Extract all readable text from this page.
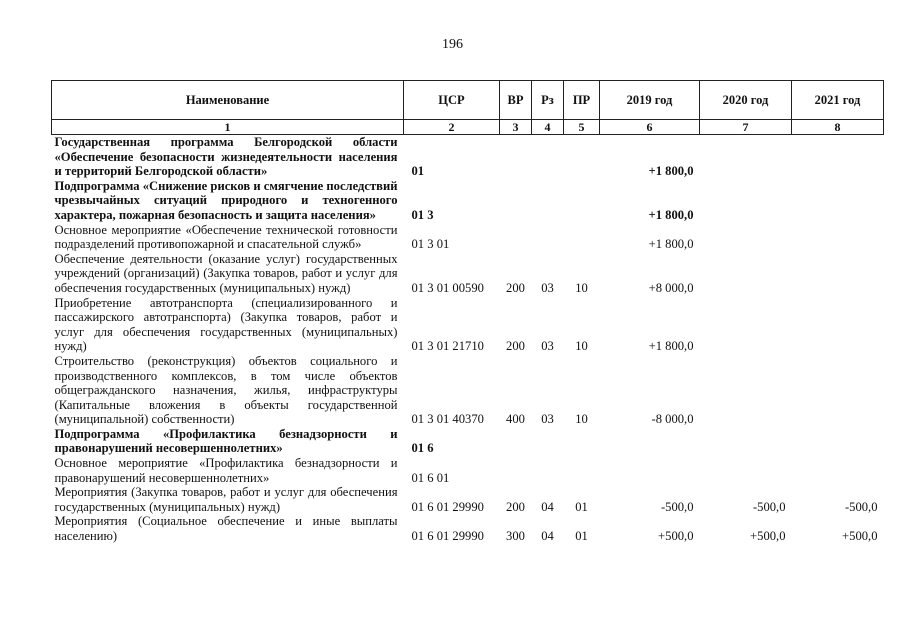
196
Наименование	ЦСР	ВР	Рз	ПР	2019 год	2020 год	2021 год
1	2	3	4	5	6	7	8
Государственная программа Белгородской области «Обеспечение безопасности жизнедеятельности населения и территорий Белгородской области»	01				+1 800,0		
Подпрограмма «Снижение рисков и смягчение последствий чрезвычайных ситуаций природного и техногенного характера, пожарная безопасность и защита населения»	01 3				+1 800,0		
Основное мероприятие «Обеспечение технической готовности подразделений противопожарной и спасательной служб»	01 3 01				+1 800,0		
Обеспечение деятельности (оказание услуг) государственных учреждений (организаций) (Закупка товаров, работ и услуг для обеспечения государственных (муниципальных) нужд)	01 3 01 00590	200	03	10	+8 000,0		
Приобретение автотранспорта (специализированного и пассажирского автотранспорта) (Закупка товаров, работ и услуг для обеспечения государственных (муниципальных) нужд)	01 3 01 21710	200	03	10	+1 800,0		
Строительство (реконструкция) объектов социального и производственного комплексов, в том числе объектов общегражданского назначения, жилья, инфраструктуры (Капитальные вложения в объекты государственной (муниципальной) собственности)	01 3 01 40370	400	03	10	-8 000,0		
Подпрограмма «Профилактика безнадзорности и правонарушений несовершеннолетних»	01 6						
Основное мероприятие «Профилактика безнадзорности и правонарушений несовершеннолетних»	01 6 01						
Мероприятия (Закупка товаров, работ и услуг для обеспечения государственных (муниципальных) нужд)	01 6 01 29990	200	04	01	-500,0	-500,0	-500,0
Мероприятия (Социальное обеспечение и иные выплаты населению)	01 6 01 29990	300	04	01	+500,0	+500,0	+500,0
